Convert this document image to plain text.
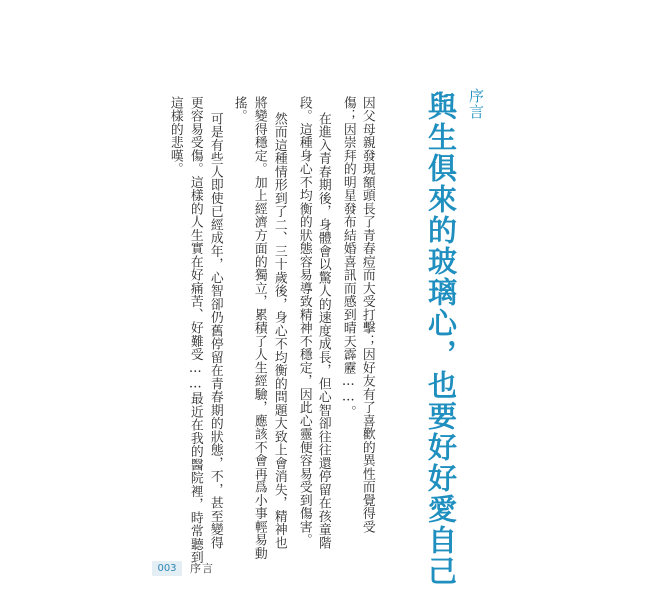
序言
與生俱來的玻璃心，也要好好愛自己
因父母親發現額頭長了青春痘而大受打擊；因好友有了喜歡的異性而覺得受
傷；因崇拜的明星發布結婚喜訊而感到晴天霹靂……。
在進入青春期後，身體會以驚人的速度成長，但心智卻往往還停留在孩童階
段。這種身心不均衡的狀態容易導致精神不穩定，因此心靈便容易受到傷害。
然而這種情形到了二、三十歲後，身心不均衡的問題大致上會消失，精神也
將變得穩定。加上經濟方面的獨立，累積了人生經驗，應該不會再爲小事輕易動
搖。
可是有些人即使已經成年，心智卻仍舊停留在青春期的狀態，不，甚至變得
更容易受傷。這樣的人生實在好痛苦、好難受……最近在我的醫院裡，時常聽到
這樣的悲嘆。
003	序言
